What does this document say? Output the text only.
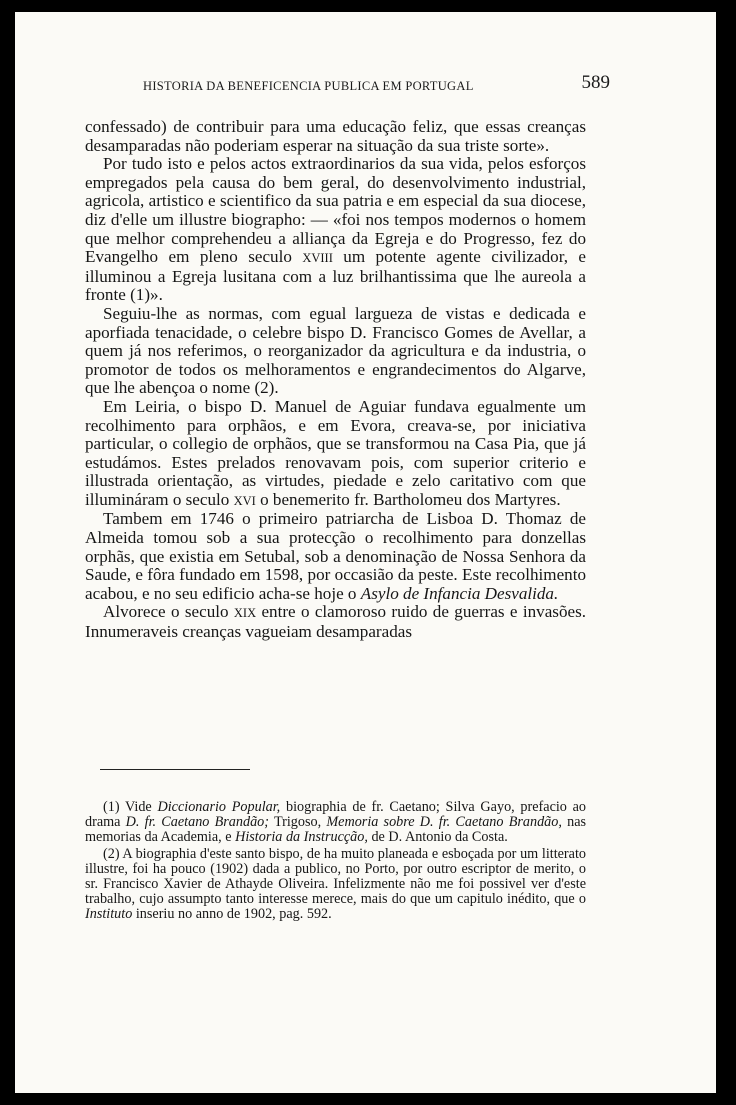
HISTORIA DA BENEFICENCIA PUBLICA EM PORTUGAL	589

confessado) de contribuir para uma educação feliz, que essas creanças desamparadas não poderiam esperar na situação da sua triste sorte».

Por tudo isto e pelos actos extraordinarios da sua vida, pelos esforços empregados pela causa do bem geral, do desenvolvimento industrial, agricola, artistico e scientifico da sua patria e em especial da sua diocese, diz d'elle um illustre biographo: — «foi nos tempos modernos o homem que melhor comprehendeu a alliança da Egreja e do Progresso, fez do Evangelho em pleno seculo XVIII um potente agente civilizador, e illuminou a Egreja lusitana com a luz brilhantissima que lhe aureola a fronte (1)».

Seguiu-lhe as normas, com egual largueza de vistas e dedicada e aporfiada tenacidade, o celebre bispo D. Francisco Gomes de Avellar, a quem já nos referimos, o reorganizador da agricultura e da industria, o promotor de todos os melhoramentos e engrandecimentos do Algarve, que lhe abençoa o nome (2).

Em Leiria, o bispo D. Manuel de Aguiar fundava egualmente um recolhimento para orphãos, e em Evora, creava-se, por iniciativa particular, o collegio de orphãos, que se transformou na Casa Pia, que já estudámos. Estes prelados renovavam pois, com superior criterio e illustrada orientação, as virtudes, piedade e zelo caritativo com que illumináram o seculo XVI o benemerito fr. Bartholomeu dos Martyres.

Tambem em 1746 o primeiro patriarcha de Lisboa D. Thomaz de Almeida tomou sob a sua protecção o recolhimento para donzellas orphãs, que existia em Setubal, sob a denominação de Nossa Senhora da Saude, e fôra fundado em 1598, por occasião da peste. Este recolhimento acabou, e no seu edificio acha-se hoje o Asylo de Infancia Desvalida.

Alvorece o seculo XIX entre o clamoroso ruido de guerras e invasões. Innumeraveis creanças vagueiam desamparadas

(1) Vide Diccionario Popular, biographia de fr. Caetano; Silva Gayo, prefacio ao drama D. fr. Caetano Brandão; Trigoso, Memoria sobre D. fr. Caetano Brandão, nas memorias da Academia, e Historia da Instrucção, de D. Antonio da Costa.

(2) A biographia d'este santo bispo, de ha muito planeada e esboçada por um litterato illustre, foi ha pouco (1902) dada a publico, no Porto, por outro escriptor de merito, o sr. Francisco Xavier de Athayde Oliveira. Infelizmente não me foi possivel ver d'este trabalho, cujo assumpto tanto interesse merece, mais do que um capitulo inédito, que o Instituto inseriu no anno de 1902, pag. 592.
